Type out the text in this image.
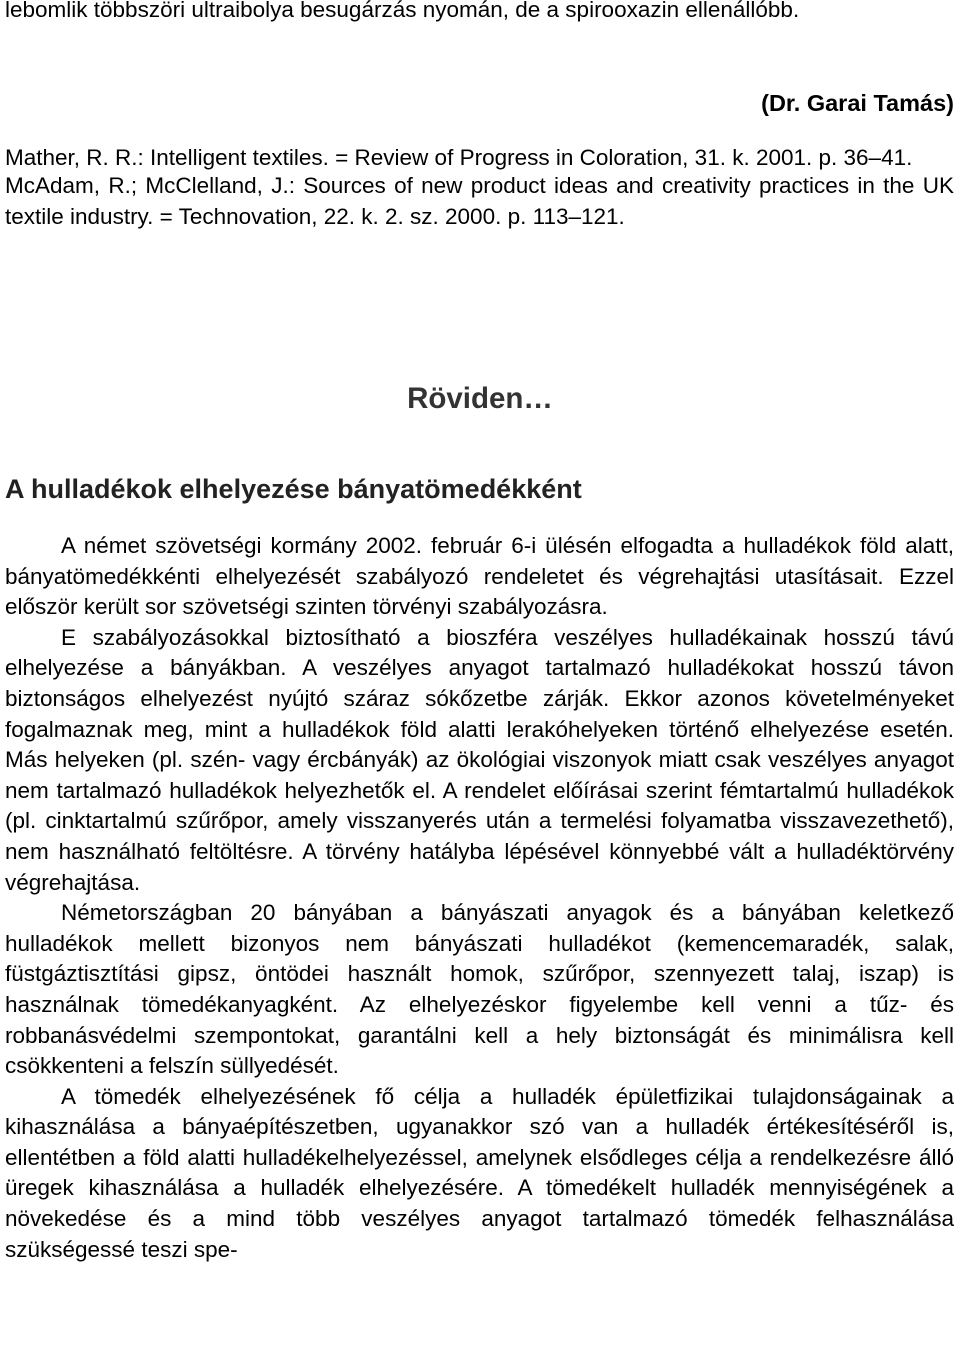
lebomlik többszöri ultraibolya besugárzás nyomán, de a spirooxazin ellenállóbb.

(Dr. Garai Tamás)

Mather, R. R.: Intelligent textiles. = Review of Progress in Coloration, 31. k. 2001. p. 36–41.

McAdam, R.; McClelland, J.: Sources of new product ideas and creativity practices in the UK textile industry. = Technovation, 22. k. 2. sz. 2000. p. 113–121.

Röviden…
A hulladékok elhelyezése bányatömedékként

A német szövetségi kormány 2002. február 6-i ülésén elfogadta a hulladékok föld alatt, bányatömedékkénti elhelyezését szabályozó rendeletet és végrehajtási utasításait. Ezzel először került sor szövetségi szinten törvényi szabályozásra.

E szabályozásokkal biztosítható a bioszféra veszélyes hulladékainak hosszú távú elhelyezése a bányákban. A veszélyes anyagot tartalmazó hulladékokat hosszú távon biztonságos elhelyezést nyújtó száraz sókőzetbe zárják. Ekkor azonos követelményeket fogalmaznak meg, mint a hulladékok föld alatti lerakóhelyeken történő elhelyezése esetén. Más helyeken (pl. szén- vagy ércbányák) az ökológiai viszonyok miatt csak veszélyes anyagot nem tartalmazó hulladékok helyezhetők el. A rendelet előírásai szerint fémtartalmú hulladékok (pl. cinktartalmú szűrőpor, amely visszanyerés után a termelési folyamatba visszavezethető), nem használható feltöltésre. A törvény hatályba lépésével könnyebbé vált a hulladéktörvény végrehajtása.

Németországban 20 bányában a bányászati anyagok és a bányában keletkező hulladékok mellett bizonyos nem bányászati hulladékot (kemencemaradék, salak, füstgáztisztítási gipsz, öntödei használt homok, szűrőpor, szennyezett talaj, iszap) is használnak tömedékanyagként. Az elhelyezéskor figyelembe kell venni a tűz- és robbanásvédelmi szempontokat, garantálni kell a hely biztonságát és minimálisra kell csökkenteni a felszín süllyedését.

A tömedék elhelyezésének fő célja a hulladék épületfizikai tulajdonságainak a kihasználása a bányaépítészetben, ugyanakkor szó van a hulladék értékesítéséről is, ellentétben a föld alatti hulladékelhelyezéssel, amelynek elsődleges célja a rendelkezésre álló üregek kihasználása a hulladék elhelyezésére. A tömedékelt hulladék mennyiségének a növekedése és a mind több veszélyes anyagot tartalmazó tömedék felhasználása szükségessé teszi spe-
